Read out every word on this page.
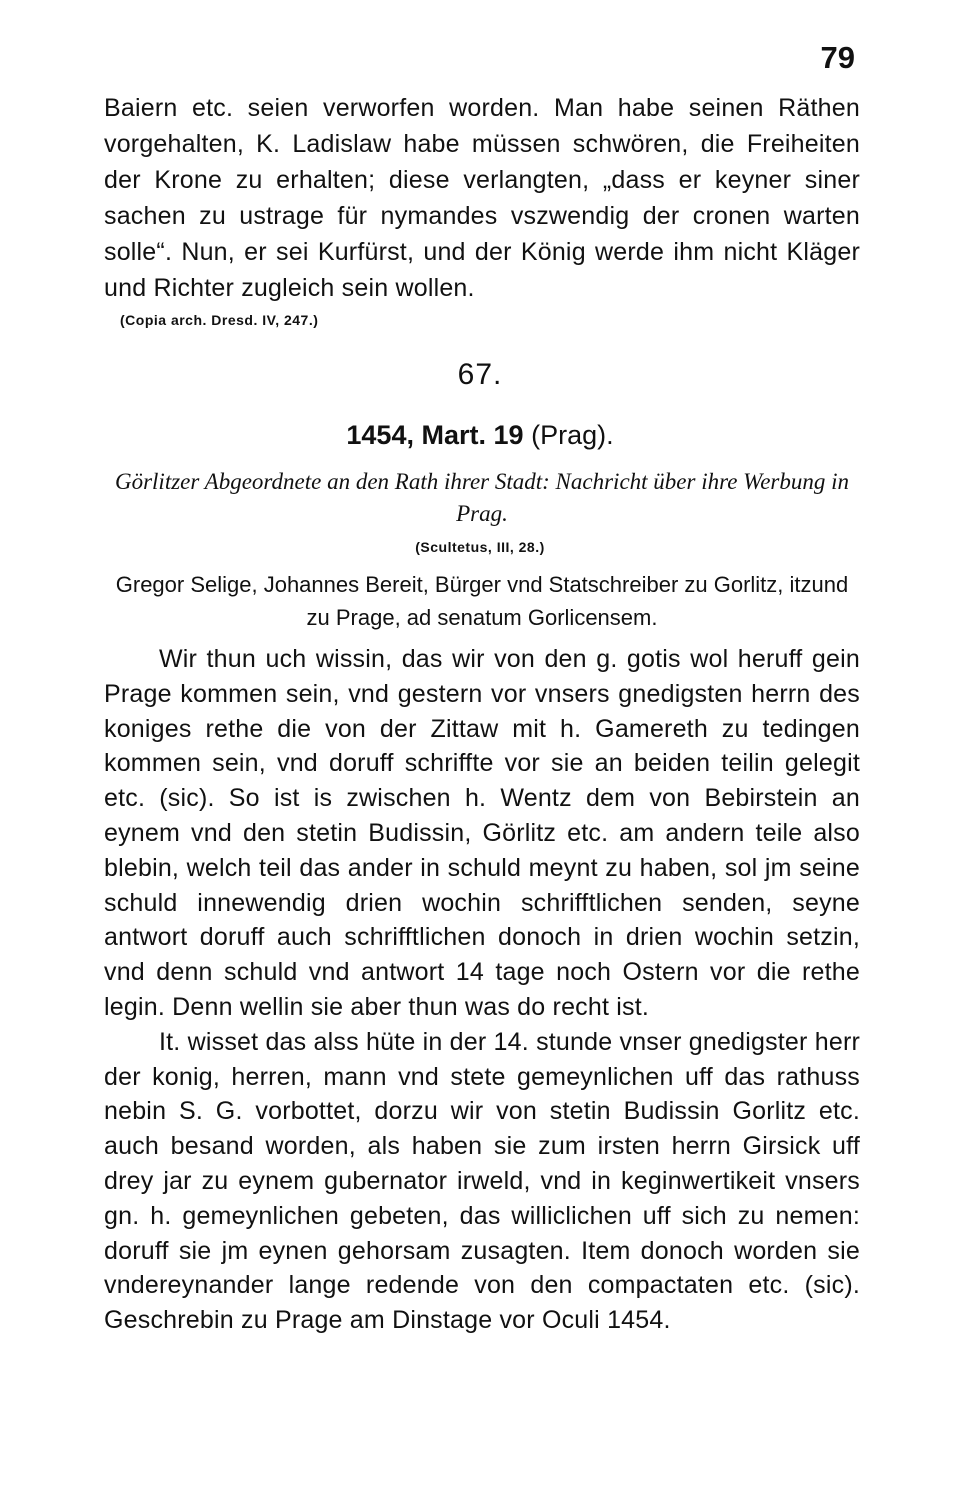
79
Baiern etc. seien verworfen worden. Man habe seinen Räthen vorgehalten, K. Ladislaw habe müssen schwören, die Freiheiten der Krone zu erhalten; diese verlangten, „dass er keyner siner sachen zu ustrage für nymandes vszwendig der cronen warten solle“. Nun, er sei Kurfürst, und der König werde ihm nicht Kläger und Richter zugleich sein wollen.
(Copia arch. Dresd. IV, 247.)
67.
1454, Mart. 19 (Prag).
Görlitzer Abgeordnete an den Rath ihrer Stadt: Nachricht über ihre Werbung in Prag.
(Scultetus, III, 28.)
Gregor Selige, Johannes Bereit, Bürger vnd Statschreiber zu Gorlitz, itzund zu Prage, ad senatum Gorlicensem.

Wir thun uch wissin, das wir von den g. gotis wol heruff gein Prage kommen sein, vnd gestern vor vnsers gnedigsten herrn des koniges rethe die von der Zittaw mit h. Gamereth zu tedingen kommen sein, vnd doruff schriffte vor sie an beiden teilin gelegit etc. (sic). So ist is zwischen h. Wentz dem von Bebirstein an eynem vnd den stetin Budissin, Görlitz etc. am andern teile also blebin, welch teil das ander in schuld meynt zu haben, sol jm seine schuld innewendig drien wochin schrifftlichen senden, seyne antwort doruff auch schrifftlichen donoch in drien wochin setzin, vnd denn schuld vnd antwort 14 tage noch Ostern vor die rethe legin. Denn wellin sie aber thun was do recht ist.

It. wisset das alss hüte in der 14. stunde vnser gnedigster herr der konig, herren, mann vnd stete gemeynlichen uff das rathuss nebin S. G. vorbottet, dorzu wir von stetin Budissin Gorlitz etc. auch besand worden, als haben sie zum irsten herrn Girsick uff drey jar zu eynem gubernator irweld, vnd in keginwertikeit vnsers gn. h. gemeynlichen gebeten, das williclichen uff sich zu nemen: doruff sie jm eynen gehorsam zusagten. Item donoch worden sie vndereynander lange redende von den compactaten etc. (sic). Geschrebin zu Prage am Dinstage vor Oculi 1454.
